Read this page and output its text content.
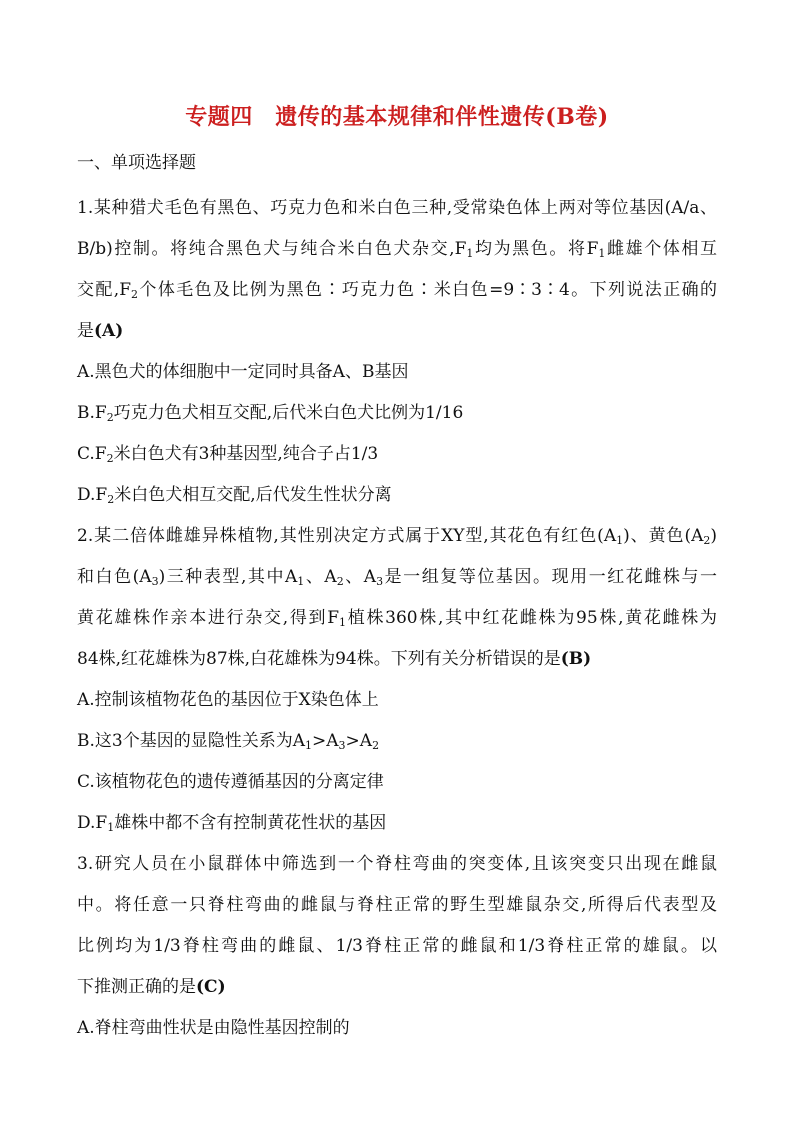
专题四　遗传的基本规律和伴性遗传(B卷)
一、单项选择题
1.某种猎犬毛色有黑色、巧克力色和米白色三种,受常染色体上两对等位基因(A/a、
B/b)控制。将纯合黑色犬与纯合米白色犬杂交$,F_1$均为黑色。将$F_1$雌雄个体相互
交配$,F_2$个体毛色及比例为黑色∶巧克力色∶米白色=9∶3∶4。下列说法正确的
是(A)
A.黑色犬的体细胞中一定同时具备A、B基因
$B.F_2$巧克力色犬相互交配,后代米白色犬比例为1/16
$C.F_2$米白色犬有3种基因型,纯合子占1/3
$D.F_2$米白色犬相互交配,后代发生性状分离
2.某二倍体雌雄异株植物,其性别决定方式属于XY型,其花色有红色$(A_1)$、黄色$(A_2)$
和白色$(A_3)$三种表型,其中$A_1$、$A_2$、$A_3$是一组复等位基因。现用一红花雌株与一
黄花雄株作亲本进行杂交,得到$F_1$植株360株,其中红花雌株为95株,黄花雌株为
84株,红花雄株为87株,白花雄株为94株。下列有关分析错误的是(B)
A.控制该植物花色的基因位于X染色体上
B.这3个基因的显隐性关系为$A_1>A_3>A_2$
C.该植物花色的遗传遵循基因的分离定律
$D.F_1$雄株中都不含有控制黄花性状的基因
3.研究人员在小鼠群体中筛选到一个脊柱弯曲的突变体,且该突变只出现在雌鼠
中。将任意一只脊柱弯曲的雌鼠与脊柱正常的野生型雄鼠杂交,所得后代表型及
比例均为1/3脊柱弯曲的雌鼠、1/3脊柱正常的雌鼠和1/3脊柱正常的雄鼠。以
下推测正确的是(C)
A.脊柱弯曲性状是由隐性基因控制的
